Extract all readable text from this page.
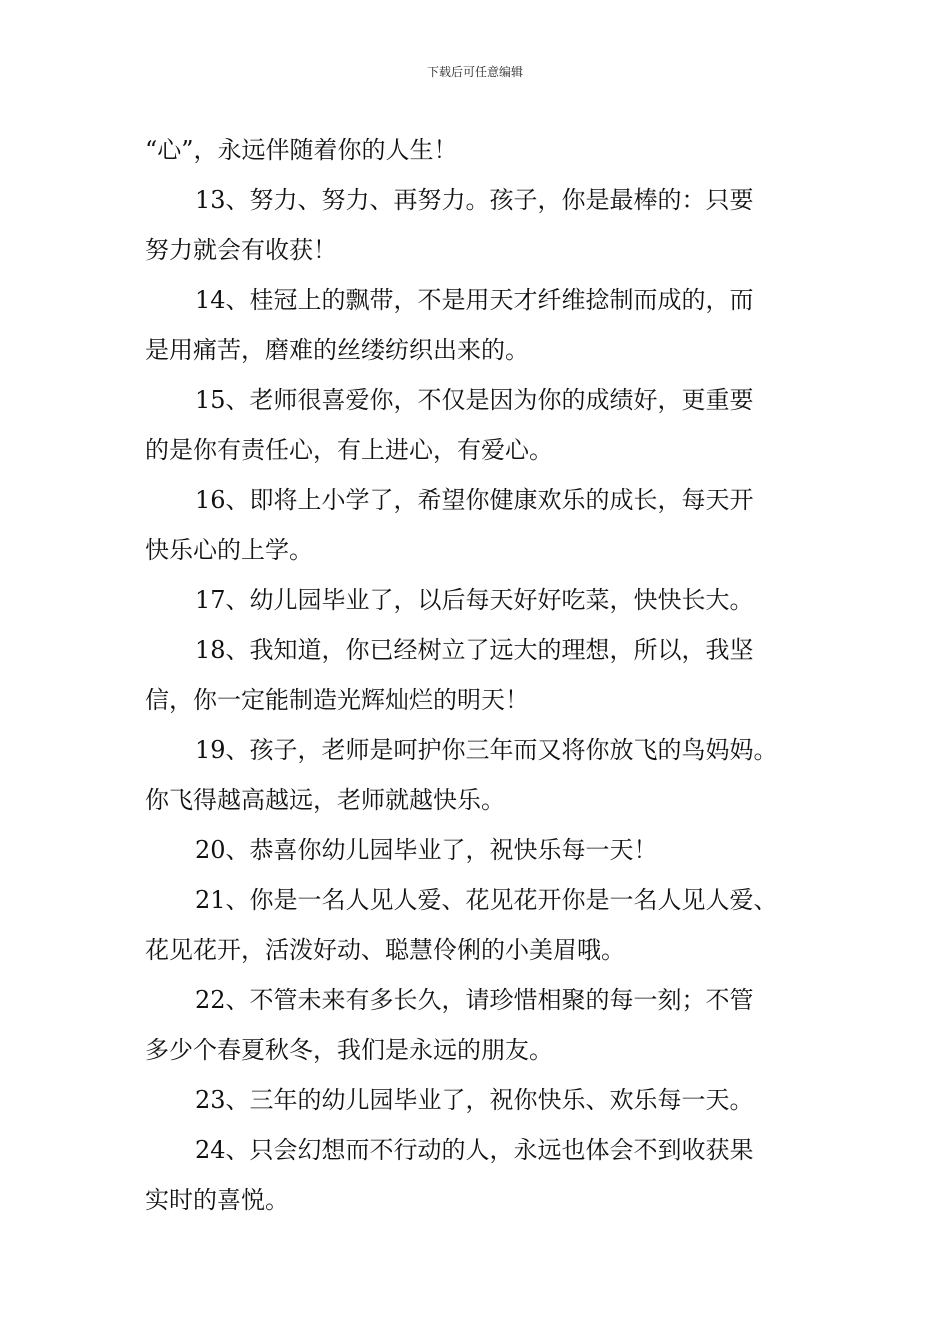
下载后可任意编辑
“心”，永远伴随着你的人生！
13、努力、努力、再努力。孩子，你是最棒的：只要
努力就会有收获！
14、桂冠上的飘带，不是用天才纤维捻制而成的，而
是用痛苦，磨难的丝缕纺织出来的。
15、老师很喜爱你，不仅是因为你的成绩好，更重要
的是你有责任心，有上进心，有爱心。
16、即将上小学了，希望你健康欢乐的成长，每天开
快乐心的上学。
17、幼儿园毕业了，以后每天好好吃菜，快快长大。
18、我知道，你已经树立了远大的理想，所以，我坚
信，你一定能制造光辉灿烂的明天！
19、孩子，老师是呵护你三年而又将你放飞的鸟妈妈。
你飞得越高越远，老师就越快乐。
20、恭喜你幼儿园毕业了，祝快乐每一天！
21、你是一名人见人爱、花见花开你是一名人见人爱、
花见花开，活泼好动、聪慧伶俐的小美眉哦。
22、不管未来有多长久，请珍惜相聚的每一刻；不管
多少个春夏秋冬，我们是永远的朋友。
23、三年的幼儿园毕业了，祝你快乐、欢乐每一天。
24、只会幻想而不行动的人，永远也体会不到收获果
实时的喜悦。
